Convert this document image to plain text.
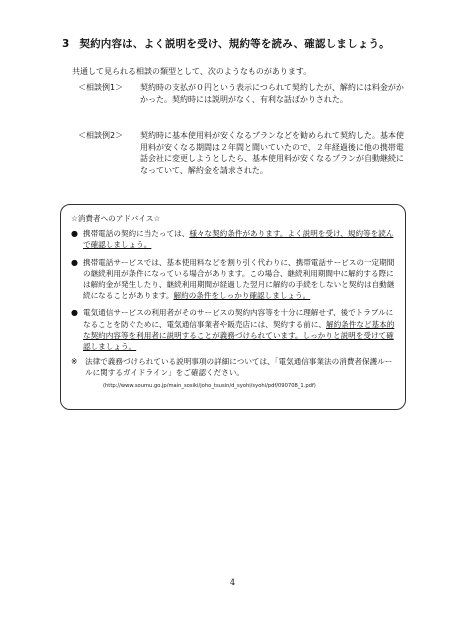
3 契約内容は、よく説明を受け、規約等を読み、確認しましょう。
共通して見られる相談の類型として、次のようなものがあります。
＜相談例1＞ 契約時の支払が０円という表示につられて契約したが、解約には料金がかかった。契約時には説明がなく、有利な話ばかりされた。
＜相談例2＞ 契約時に基本使用料が安くなるプランなどを勧められて契約した。基本使用料が安くなる期間は２年間と聞いていたので、２年経過後に他の携帯電話会社に変更しようとしたら、基本使用料が安くなるプランが自動継続になっていて、解約金を請求された。
☆消費者へのアドバイス☆
● 携帯電話の契約に当たっては、様々な契約条件があります。よく説明を受け、規約等を読んで確認しましょう。
● 携帯電話サービスでは、基本使用料などを割り引く代わりに、携帯電話サービスの一定期間の継続利用が条件になっている場合があります。この場合、継続利用期間中に解約する際には解約金が発生したり、継続利用期間が経過した翌月に解約の手続をしないと契約は自動継続になることがあります。解約の条件をしっかり確認しましょう。
● 電気通信サービスの利用者がそのサービスの契約内容等を十分に理解せず、後でトラブルになることを防ぐために、電気通信事業者や販売店には、契約する前に、解約条件など基本的な契約内容等を利用者に説明することが義務づけられています。しっかりと説明を受けて確認しましょう。
※	法律で義務づけられている説明事項の詳細については、「電気通信事業法の消費者保護ルールに関するガイドライン」をご確認ください。
(http://www.soumu.go.jp/main_sosiki/joho_tsusin/d_syohi/syohi/pdf/090708_1.pdf)
4
